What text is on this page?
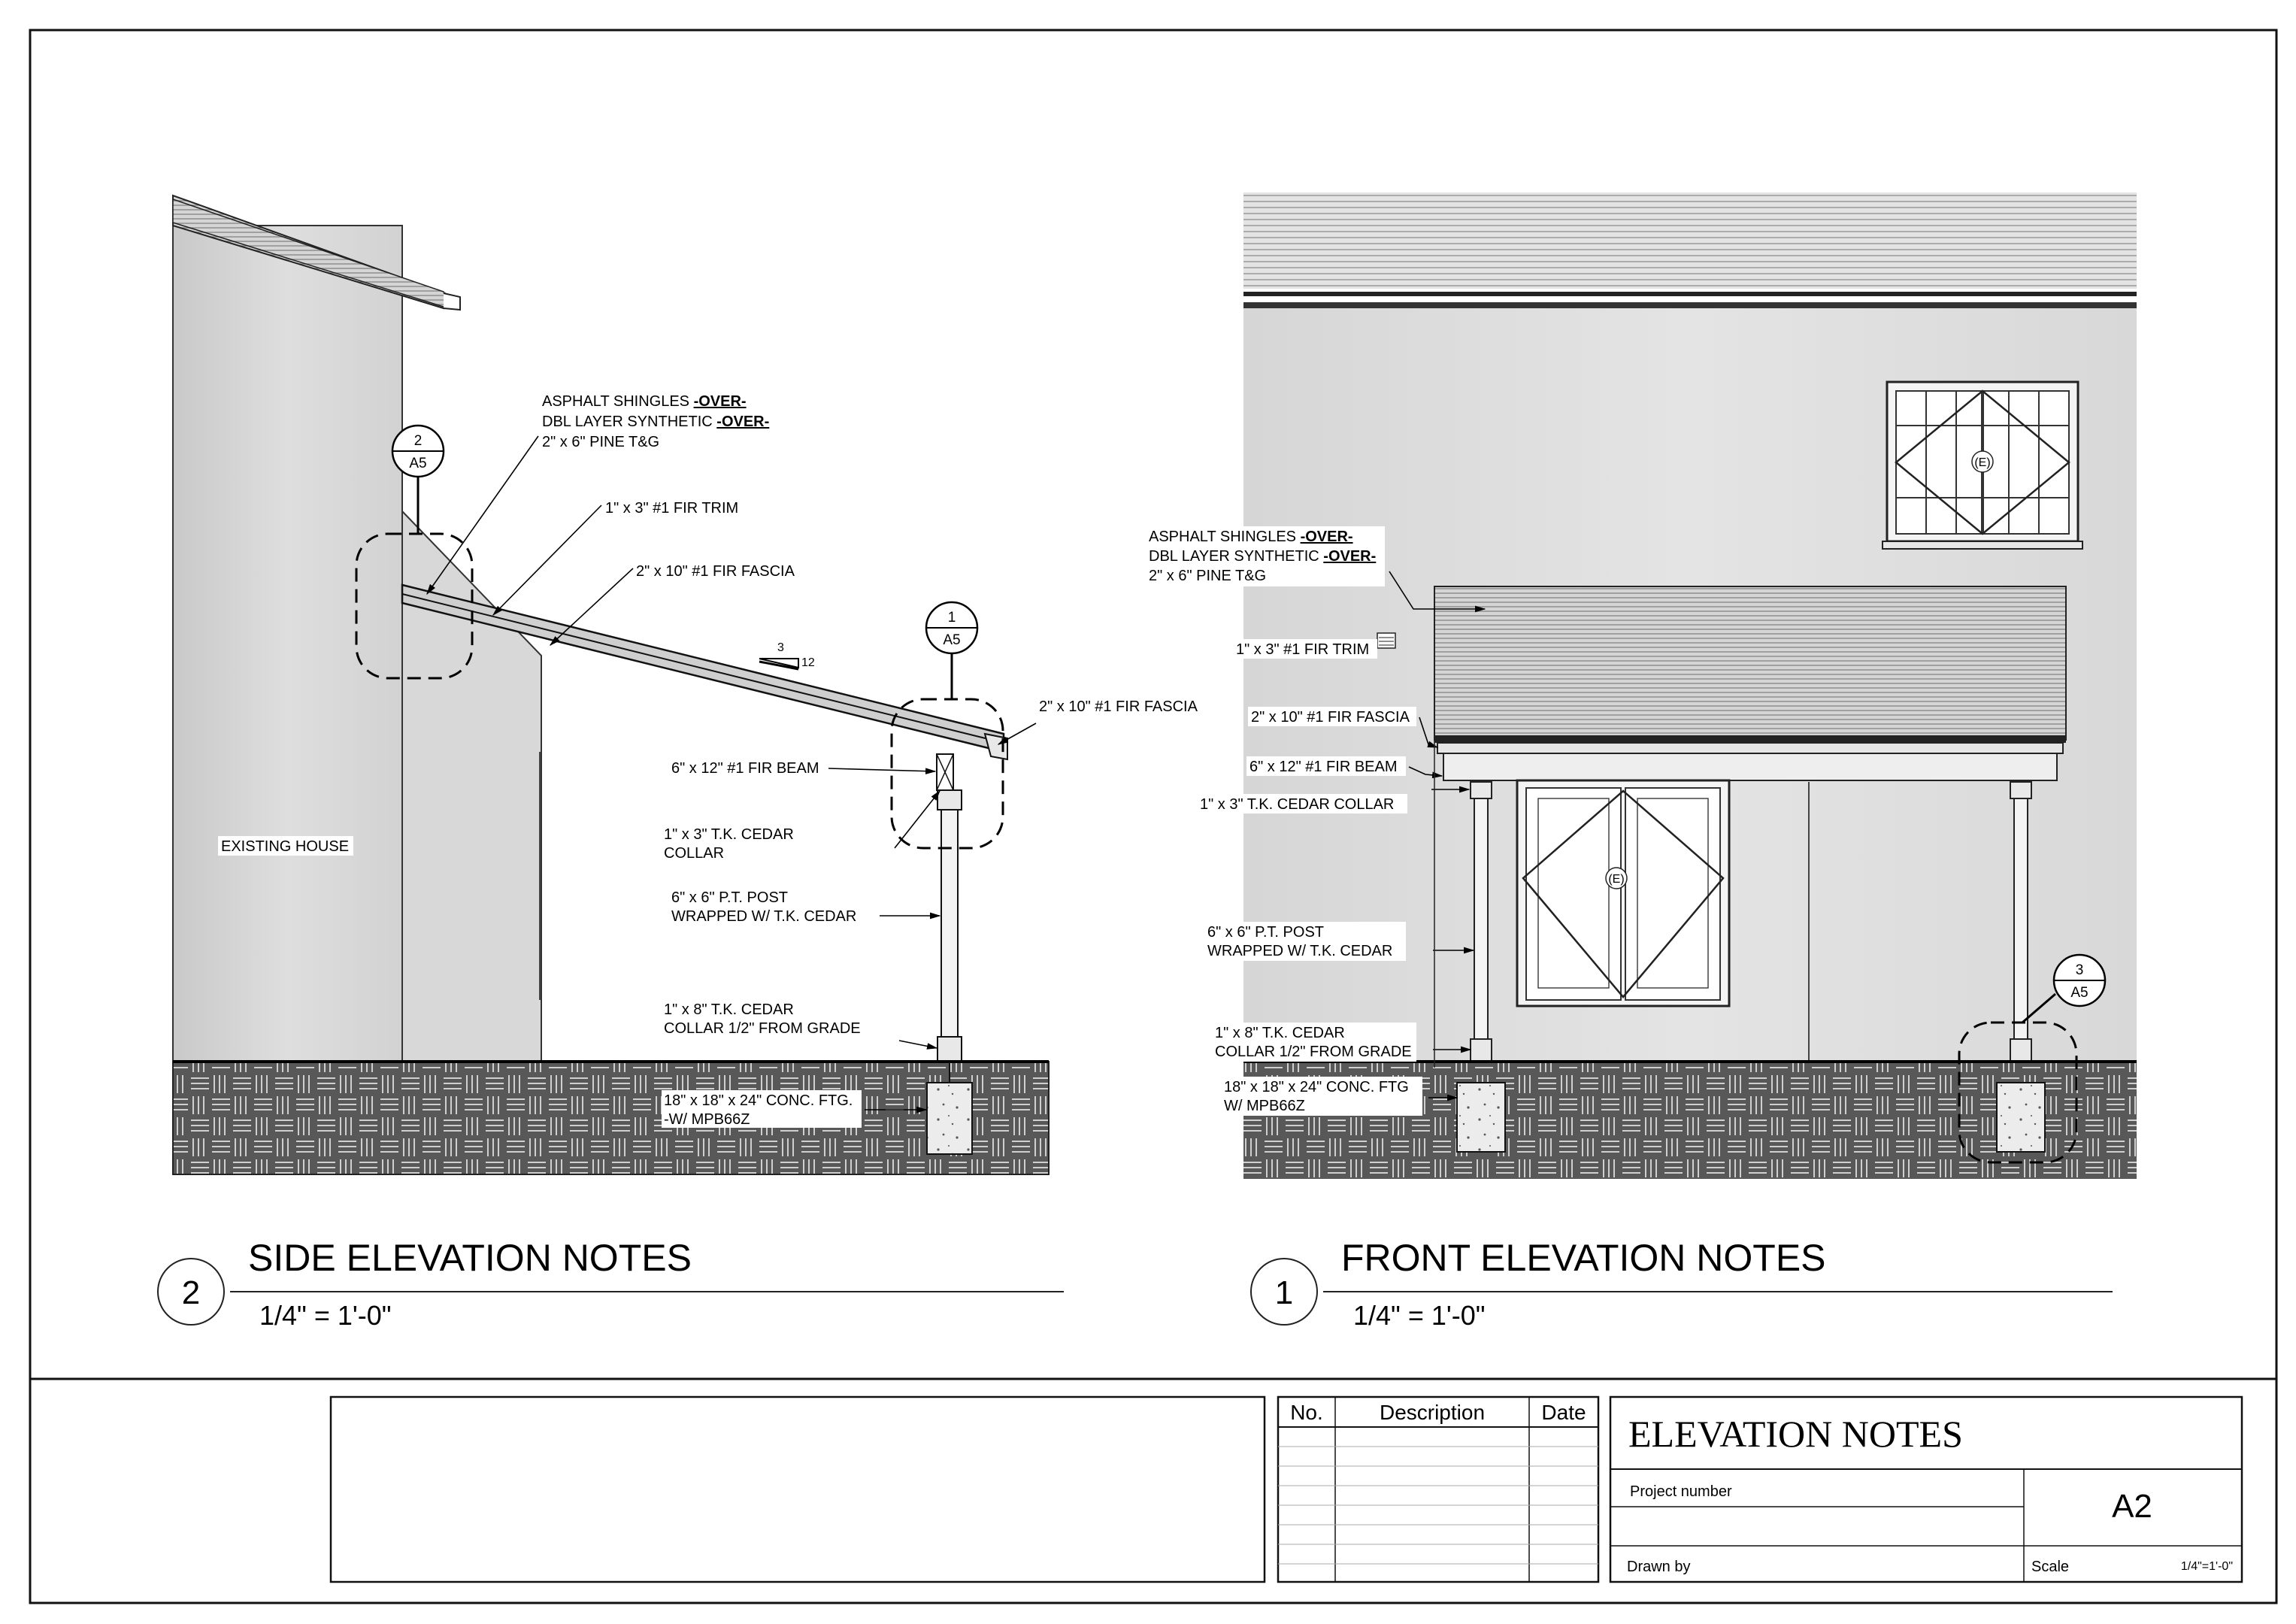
2
A5
1
A5
3
12
ASPHALT SHINGLES -OVER-
DBL LAYER SYNTHETIC -OVER-
2" x 6" PINE T&G
1" x 3" #1 FIR TRIM
2" x 10" #1 FIR FASCIA
2" x 10" #1 FIR FASCIA
6" x 12" #1 FIR BEAM
1" x 3" T.K. CEDAR
COLLAR
6" x 6" P.T. POST
WRAPPED W/ T.K. CEDAR
1" x 8" T.K. CEDAR
COLLAR 1/2" FROM GRADE
18" x 18" x 24" CONC. FTG.
-W/ MPB66Z
EXISTING HOUSE
2
SIDE ELEVATION NOTES
1/4" = 1'-0"
(E)
(E)
3
A5
ASPHALT SHINGLES -OVER-
DBL LAYER SYNTHETIC -OVER-
2" x 6" PINE T&G
1" x 3" #1 FIR TRIM
2" x 10" #1 FIR FASCIA
6" x 12" #1 FIR BEAM
1" x 3" T.K. CEDAR COLLAR
6" x 6" P.T. POST
WRAPPED W/ T.K. CEDAR
1" x 8" T.K. CEDAR
COLLAR 1/2" FROM GRADE
18" x 18" x 24" CONC. FTG
W/ MPB66Z
1
FRONT ELEVATION NOTES
1/4" = 1'-0"
No.	Description	Date
ELEVATION NOTES
Project number	A2
Drawn by	Scale	1/4"=1'-0"
